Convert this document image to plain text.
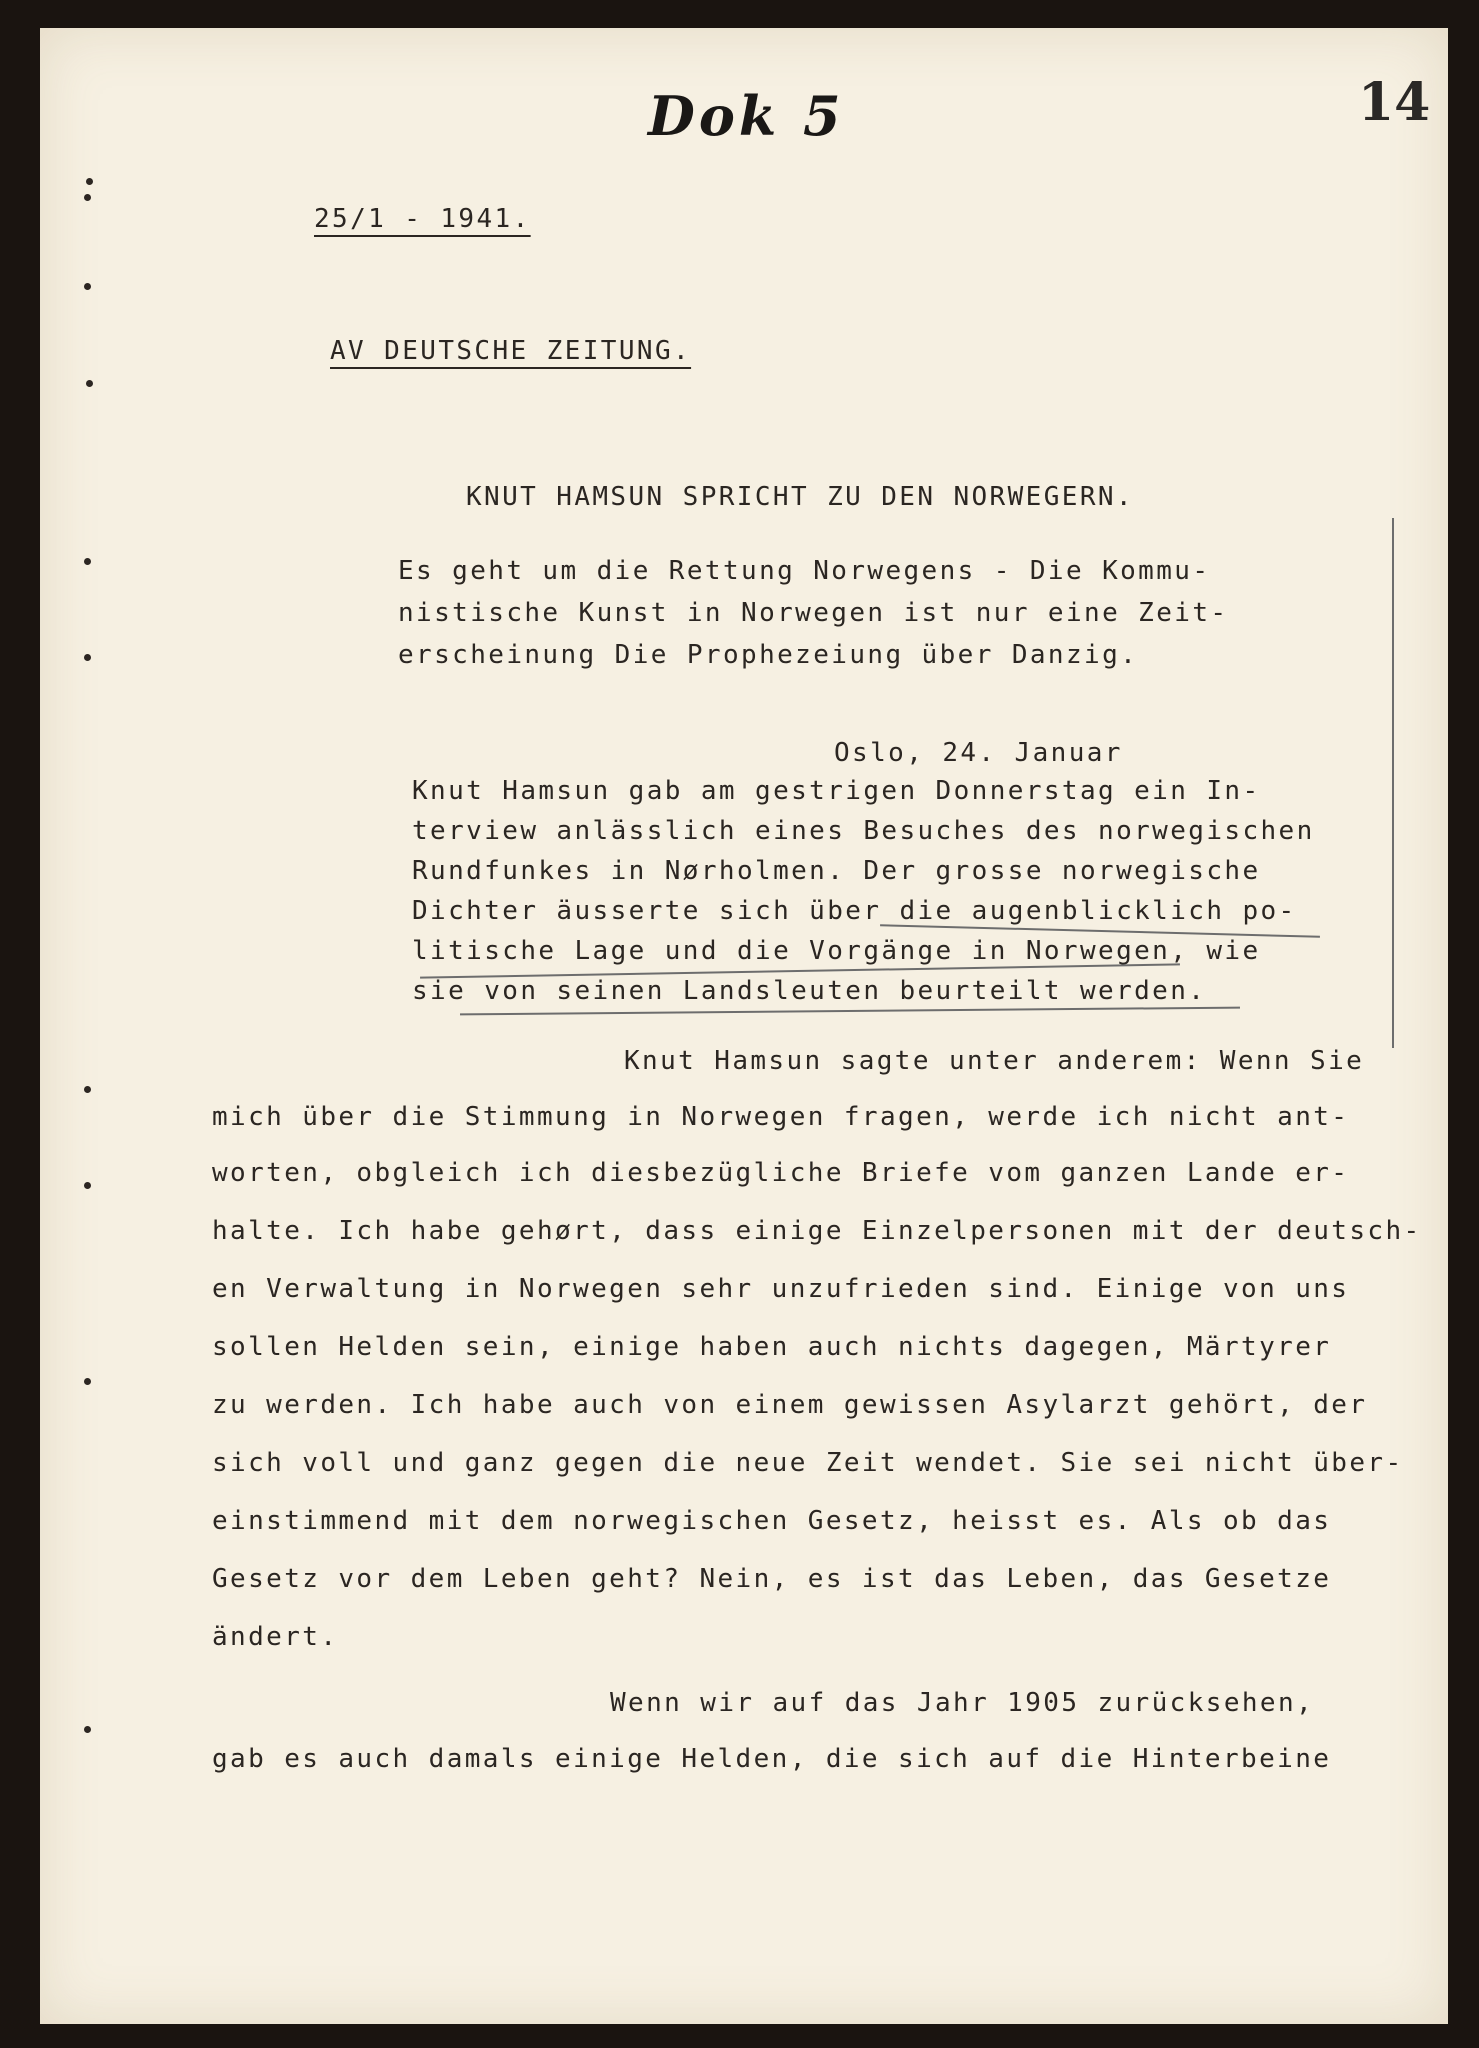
Dok 5	14
25/1 - 1941.
AV DEUTSCHE ZEITUNG.
KNUT HAMSUN SPRICHT ZU DEN NORWEGERN.
Es geht um die Rettung Norwegens - Die Kommu-
nistische Kunst in Norwegen ist nur eine Zeit-
erscheinung Die Prophezeiung über Danzig.
Oslo, 24. Januar
Knut Hamsun gab am gestrigen Donnerstag ein In-
terview anlässlich eines Besuches des norwegischen
Rundfunkes in Nørholmen. Der grosse norwegische
Dichter äusserte sich über die augenblicklich po-
litische Lage und die Vorgänge in Norwegen, wie
sie von seinen Landsleuten beurteilt werden.
Knut Hamsun sagte unter anderem: Wenn Sie
mich über die Stimmung in Norwegen fragen, werde ich nicht ant-
worten, obgleich ich diesbezügliche Briefe vom ganzen Lande er-
halte. Ich habe gehørt, dass einige Einzelpersonen mit der deutsch-
en Verwaltung in Norwegen sehr unzufrieden sind. Einige von uns
sollen Helden sein, einige haben auch nichts dagegen, Märtyrer
zu werden. Ich habe auch von einem gewissen Asylarzt gehört, der
sich voll und ganz gegen die neue Zeit wendet. Sie sei nicht über-
einstimmend mit dem norwegischen Gesetz, heisst es. Als ob das
Gesetz vor dem Leben geht? Nein, es ist das Leben, das Gesetze
ändert.
Wenn wir auf das Jahr 1905 zurücksehen,
gab es auch damals einige Helden, die sich auf die Hinterbeine
